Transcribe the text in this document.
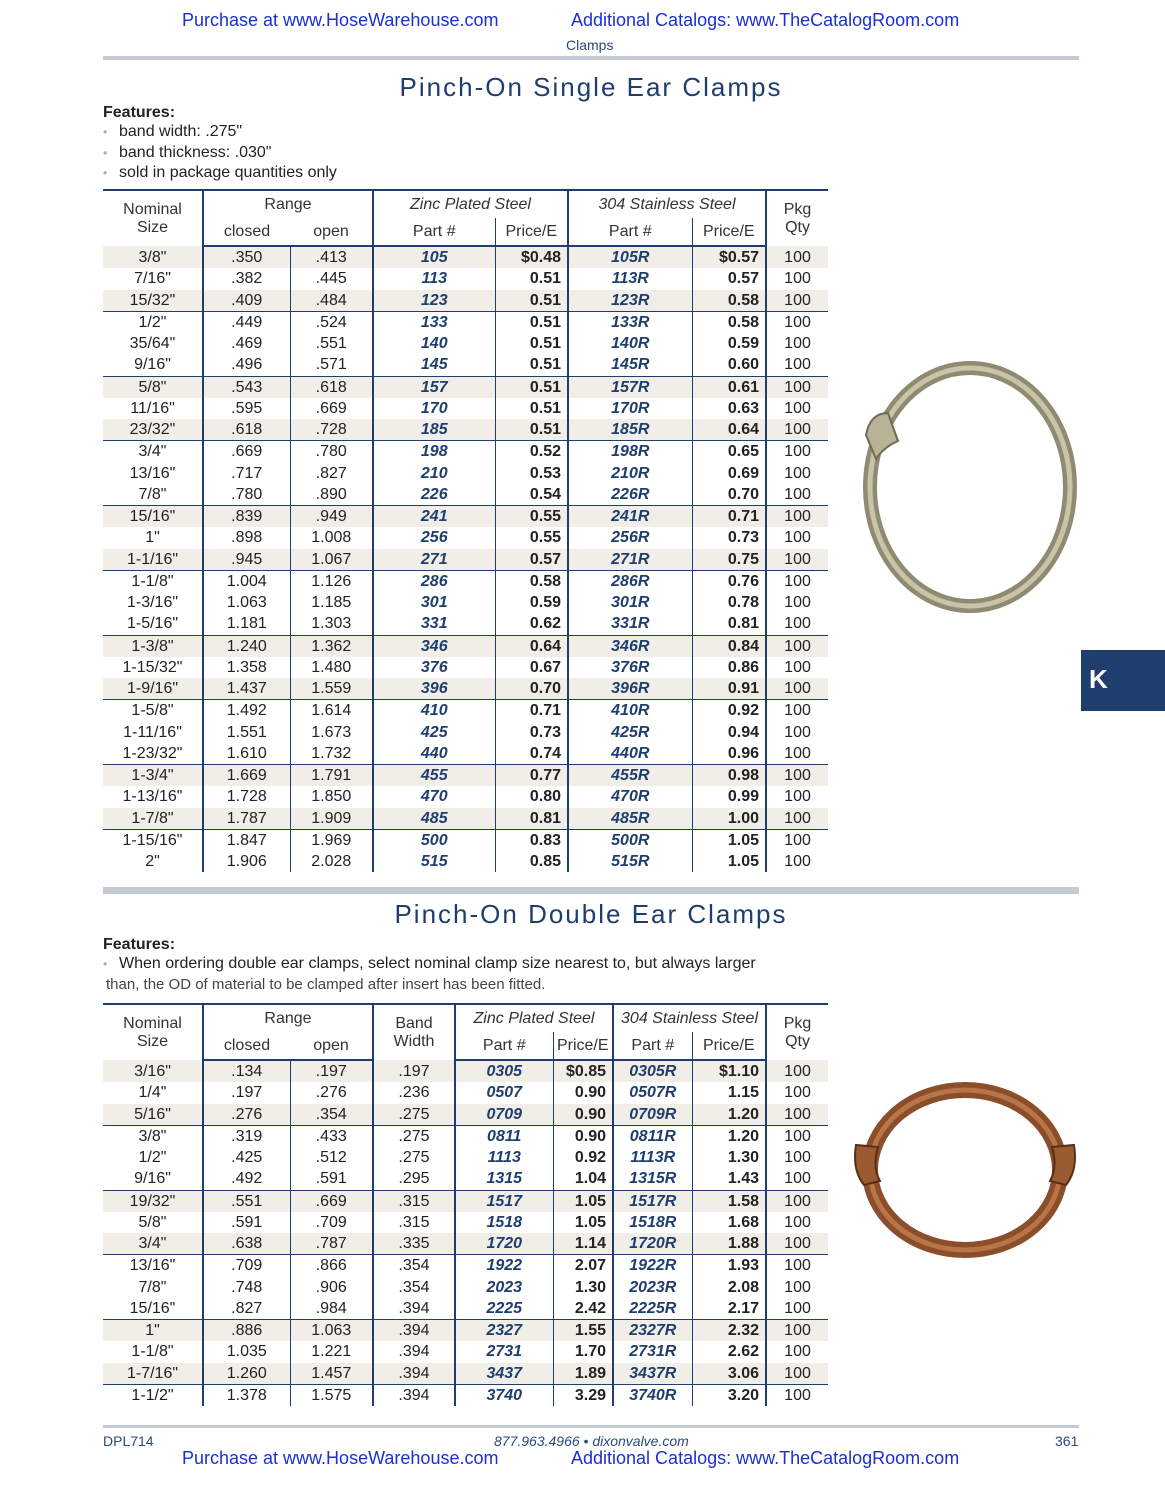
Purchase at www.HoseWarehouse.com	Additional Catalogs: www.TheCatalogRoom.com
Clamps
Pinch-On Single Ear Clamps
Features:
• band width: .275"
• band thickness: .030"
• sold in package quantities only
Nominal
Size	Range		Zinc Plated Steel		304 Stainless Steel		Pkg
Qty
	closed	open	Part #	Price/E	Part #	Price/E	
3/8"	.350	.413	105	$0.48	105R	$0.57	100
7/16"	.382	.445	113	0.51	113R	0.57	100
15/32"	.409	.484	123	0.51	123R	0.58	100
1/2"	.449	.524	133	0.51	133R	0.58	100
35/64"	.469	.551	140	0.51	140R	0.59	100
9/16"	.496	.571	145	0.51	145R	0.60	100
5/8"	.543	.618	157	0.51	157R	0.61	100
11/16"	.595	.669	170	0.51	170R	0.63	100
23/32"	.618	.728	185	0.51	185R	0.64	100
3/4"	.669	.780	198	0.52	198R	0.65	100
13/16"	.717	.827	210	0.53	210R	0.69	100
7/8"	.780	.890	226	0.54	226R	0.70	100
15/16"	.839	.949	241	0.55	241R	0.71	100
1"	.898	1.008	256	0.55	256R	0.73	100
1-1/16"	.945	1.067	271	0.57	271R	0.75	100
1-1/8"	1.004	1.126	286	0.58	286R	0.76	100
1-3/16"	1.063	1.185	301	0.59	301R	0.78	100
1-5/16"	1.181	1.303	331	0.62	331R	0.81	100
1-3/8"	1.240	1.362	346	0.64	346R	0.84	100
1-15/32"	1.358	1.480	376	0.67	376R	0.86	100
1-9/16"	1.437	1.559	396	0.70	396R	0.91	100
1-5/8"	1.492	1.614	410	0.71	410R	0.92	100
1-11/16"	1.551	1.673	425	0.73	425R	0.94	100
1-23/32"	1.610	1.732	440	0.74	440R	0.96	100
1-3/4"	1.669	1.791	455	0.77	455R	0.98	100
1-13/16"	1.728	1.850	470	0.80	470R	0.99	100
1-7/8"	1.787	1.909	485	0.81	485R	1.00	100
1-15/16"	1.847	1.969	500	0.83	500R	1.05	100
2"	1.906	2.028	515	0.85	515R	1.05	100
Pinch-On Double Ear Clamps
Features:
• When ordering double ear clamps, select nominal clamp size nearest to, but always larger
than, the OD of material to be clamped after insert has been fitted.
Nominal
Size	Range		Band
Width	Zinc Plated Steel		304 Stainless Steel		Pkg
Qty
	closed	open		Part #	Price/E	Part #	Price/E	
3/16"	.134	.197	.197	0305	$0.85	0305R	$1.10	100
1/4"	.197	.276	.236	0507	0.90	0507R	1.15	100
5/16"	.276	.354	.275	0709	0.90	0709R	1.20	100
3/8"	.319	.433	.275	0811	0.90	0811R	1.20	100
1/2"	.425	.512	.275	1113	0.92	1113R	1.30	100
9/16"	.492	.591	.295	1315	1.04	1315R	1.43	100
19/32"	.551	.669	.315	1517	1.05	1517R	1.58	100
5/8"	.591	.709	.315	1518	1.05	1518R	1.68	100
3/4"	.638	.787	.335	1720	1.14	1720R	1.88	100
13/16"	.709	.866	.354	1922	2.07	1922R	1.93	100
7/8"	.748	.906	.354	2023	1.30	2023R	2.08	100
15/16"	.827	.984	.394	2225	2.42	2225R	2.17	100
1"	.886	1.063	.394	2327	1.55	2327R	2.32	100
1-1/8"	1.035	1.221	.394	2731	1.70	2731R	2.62	100
1-7/16"	1.260	1.457	.394	3437	1.89	3437R	3.06	100
1-1/2"	1.378	1.575	.394	3740	3.29	3740R	3.20	100
K
DPL714	877.963.4966 • dixonvalve.com	361
Purchase at www.HoseWarehouse.com	Additional Catalogs: www.TheCatalogRoom.com
